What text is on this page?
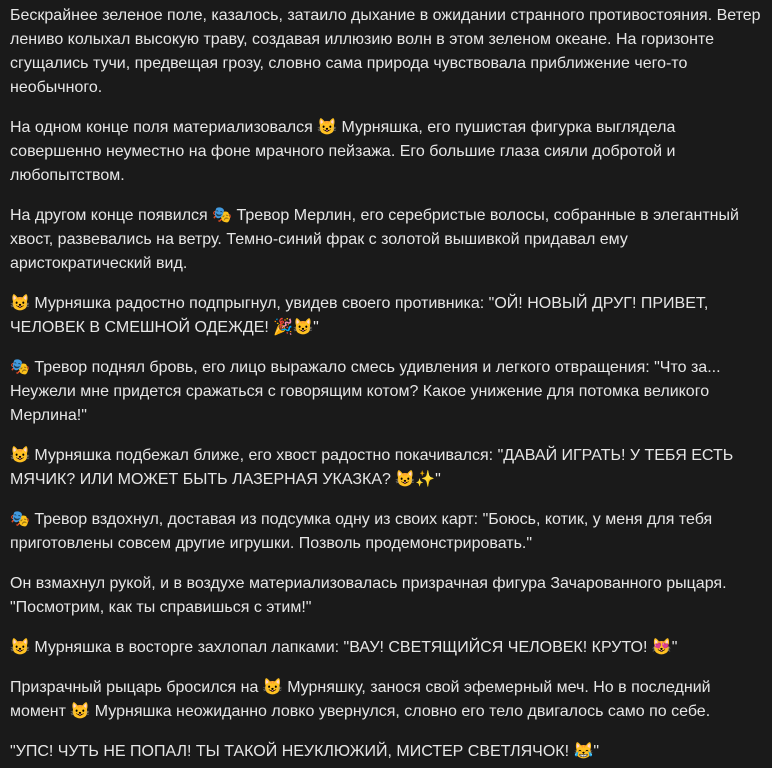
Бескрайнее зеленое поле, казалось, затаило дыхание в ожидании странного противостояния. Ветер лениво колыхал высокую траву, создавая иллюзию волн в этом зеленом океане. На горизонте сгущались тучи, предвещая грозу, словно сама природа чувствовала приближение чего-то необычного.

На одном конце поля материализовался 😺 Мурняшка, его пушистая фигурка выглядела совершенно неуместно на фоне мрачного пейзажа. Его большие глаза сияли добротой и любопытством.

На другом конце появился 🎭 Тревор Мерлин, его серебристые волосы, собранные в элегантный хвост, развевались на ветру. Темно-синий фрак с золотой вышивкой придавал ему аристократический вид.

😺 Мурняшка радостно подпрыгнул, увидев своего противника: "ОЙ! НОВЫЙ ДРУГ! ПРИВЕТ, ЧЕЛОВЕК В СМЕШНОЙ ОДЕЖДЕ! 🎉😺"

🎭 Тревор поднял бровь, его лицо выражало смесь удивления и легкого отвращения: "Что за... Неужели мне придется сражаться с говорящим котом? Какое унижение для потомка великого Мерлина!"

😺 Мурняшка подбежал ближе, его хвост радостно покачивался: "ДАВАЙ ИГРАТЬ! У ТЕБЯ ЕСТЬ МЯЧИК? ИЛИ МОЖЕТ БЫТЬ ЛАЗЕРНАЯ УКАЗКА? 😺✨"

🎭 Тревор вздохнул, доставая из подсумка одну из своих карт: "Боюсь, котик, у меня для тебя приготовлены совсем другие игрушки. Позволь продемонстрировать."

Он взмахнул рукой, и в воздухе материализовалась призрачная фигура Зачарованного рыцаря. "Посмотрим, как ты справишься с этим!"

😺 Мурняшка в восторге захлопал лапками: "ВАУ! СВЕТЯЩИЙСЯ ЧЕЛОВЕК! КРУТО! 😻"

Призрачный рыцарь бросился на 😺 Мурняшку, занося свой эфемерный меч. Но в последний момент 😺 Мурняшка неожиданно ловко увернулся, словно его тело двигалось само по себе.

"УПС! ЧУТЬ НЕ ПОПАЛ! ТЫ ТАКОЙ НЕУКЛЮЖИЙ, МИСТЕР СВЕТЛЯЧОК! 😹"
